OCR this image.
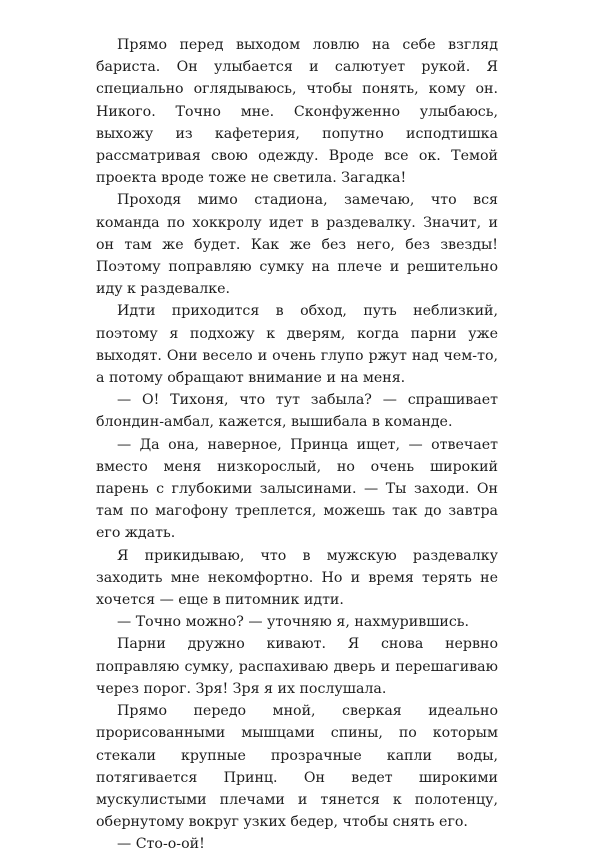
Прямо перед выходом ловлю на себе взгляд бариста. Он улыбается и салютует рукой. Я специально оглядываюсь, чтобы понять, кому он. Никого. Точно мне. Сконфуженно улыбаюсь, выхожу из кафетерия, попутно исподтишка рассматривая свою одежду. Вроде все ок. Темой проекта вроде тоже не светила. Загадка!

Проходя мимо стадиона, замечаю, что вся команда по хоккролу идет в раздевалку. Значит, и он там же будет. Как же без него, без звезды! Поэтому поправляю сумку на плече и решительно иду к раздевалке.

Идти приходится в обход, путь неблизкий, поэтому я подхожу к дверям, когда парни уже выходят. Они весело и очень глупо ржут над чем-то, а потому обращают внимание и на меня.

— О! Тихоня, что тут забыла? — спрашивает блондин-амбал, кажется, вышибала в команде.

— Да она, наверное, Принца ищет, — отвечает вместо меня низкорослый, но очень широкий парень с глубокими залысинами. — Ты заходи. Он там по магофону треплется, можешь так до завтра его ждать.

Я прикидываю, что в мужскую раздевалку заходить мне некомфортно. Но и время терять не хочется — еще в питомник идти.

— Точно можно? — уточняю я, нахмурившись.

Парни дружно кивают. Я снова нервно поправляю сумку, распахиваю дверь и перешагиваю через порог. Зря! Зря я их послушала.

Прямо передо мной, сверкая идеально прорисованными мышцами спины, по которым стекали крупные прозрачные капли воды, потягивается Принц. Он ведет широкими мускулистыми плечами и тянется к полотенцу, обернутому вокруг узких бедер, чтобы снять его.

— Сто-о-ой!
